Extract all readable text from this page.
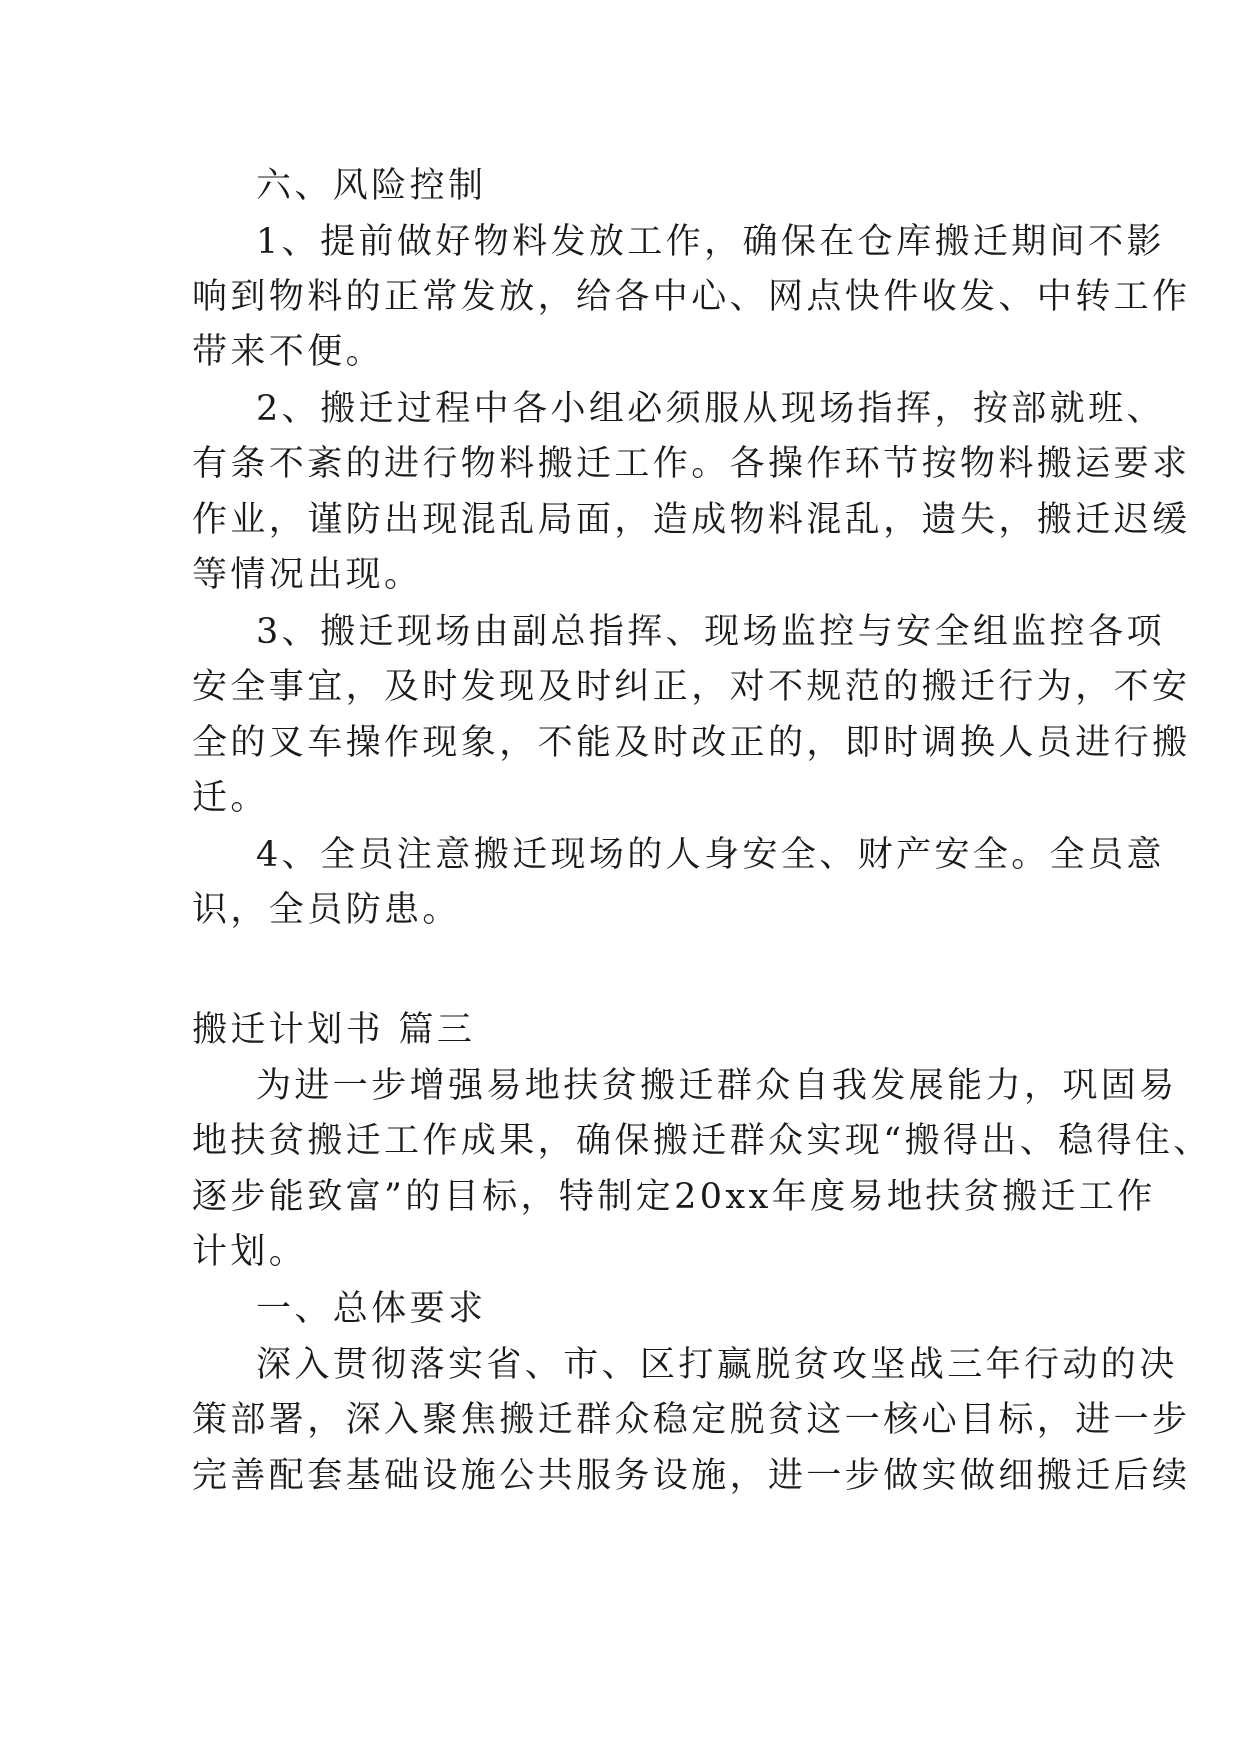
六、风险控制
1、提前做好物料发放工作，确保在仓库搬迁期间不影
响到物料的正常发放，给各中心、网点快件收发、中转工作
带来不便。
2、搬迁过程中各小组必须服从现场指挥，按部就班、
有条不紊的进行物料搬迁工作。各操作环节按物料搬运要求
作业，谨防出现混乱局面，造成物料混乱，遗失，搬迁迟缓
等情况出现。
3、搬迁现场由副总指挥、现场监控与安全组监控各项
安全事宜，及时发现及时纠正，对不规范的搬迁行为，不安
全的叉车操作现象，不能及时改正的，即时调换人员进行搬
迁。
4、全员注意搬迁现场的人身安全、财产安全。全员意
识，全员防患。
搬迁计划书 篇三
为进一步增强易地扶贫搬迁群众自我发展能力，巩固易
地扶贫搬迁工作成果，确保搬迁群众实现“搬得出、稳得住、
逐步能致富”的目标，特制定20xx年度易地扶贫搬迁工作
计划。
一、总体要求
深入贯彻落实省、市、区打赢脱贫攻坚战三年行动的决
策部署，深入聚焦搬迁群众稳定脱贫这一核心目标，进一步
完善配套基础设施公共服务设施，进一步做实做细搬迁后续
